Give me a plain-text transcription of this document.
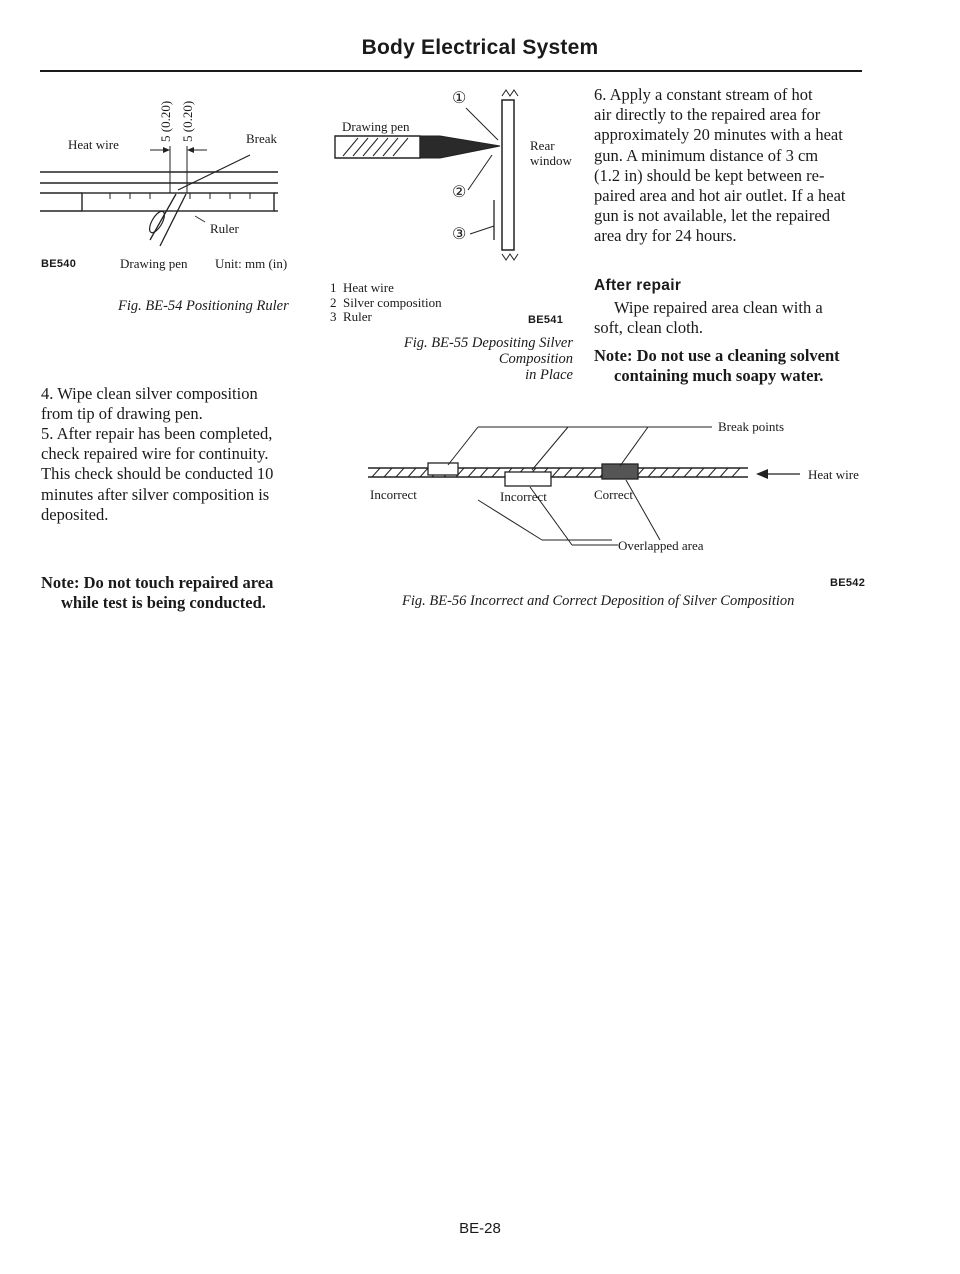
Body Electrical System
Heat wire	Break
5 (0.20) 5 (0.20)
Ruler
BE540	Drawing pen Unit: mm (in)
Fig. BE-54 Positioning Ruler
4. Wipe clean silver composition
from tip of drawing pen.
5. After repair has been completed,
check repaired wire for continuity.
This check should be conducted 10
minutes after silver composition is
deposited.
Note: Do not touch repaired area
while test is being conducted.
Drawing pen
①
②
③
Rear
window
1 Heat wire
2 Silver composition
3 Ruler	BE541
Fig. BE-55 Depositing Silver
Composition
in Place
6. Apply a constant stream of hot
air directly to the repaired area for
approximately 20 minutes with a heat
gun. A minimum distance of 3 cm
(1.2 in) should be kept between re-
paired area and hot air outlet. If a heat
gun is not available, let the repaired
area dry for 24 hours.
After repair
Wipe repaired area clean with a
soft, clean cloth.
Note: Do not use a cleaning solvent
containing much soapy water.
Break points
Heat wire
Incorrect	Incorrect	Correct
Overlapped area
BE542
Fig. BE-56 Incorrect and Correct Deposition of Silver Composition
BE-28
